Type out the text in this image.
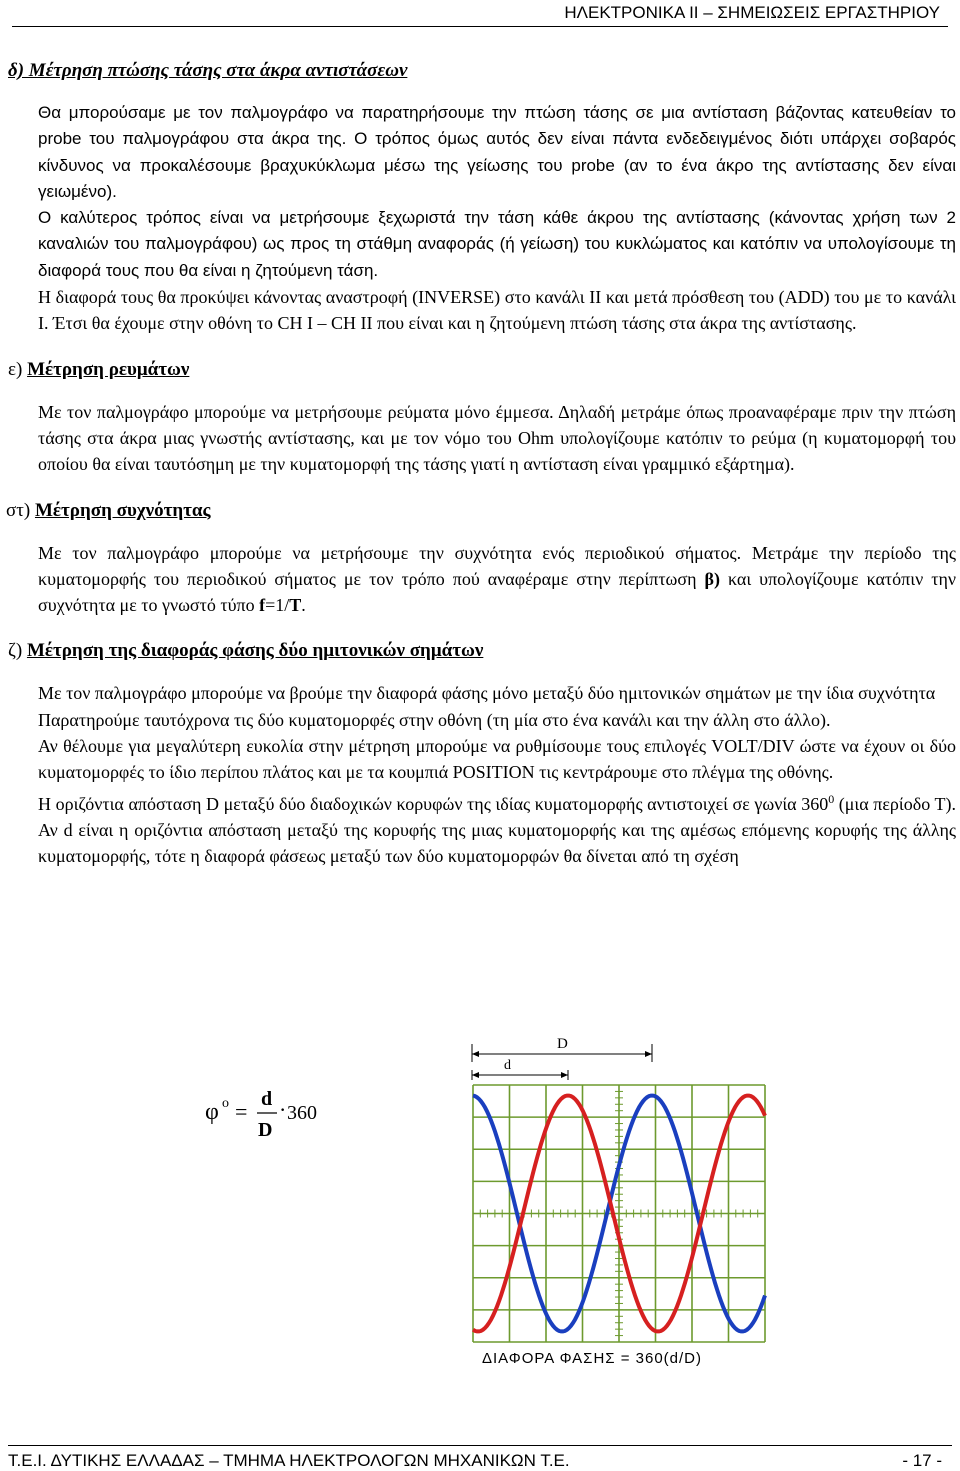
ΗΛΕΚΤΡΟΝΙΚΑ ΙΙ – ΣΗΜΕΙΩΣΕΙΣ ΕΡΓΑΣΤΗΡΙΟΥ
δ) Μέτρηση πτώσης τάσης στα άκρα αντιστάσεων

Θα μπορούσαμε με τον παλμογράφο να παρατηρήσουμε την πτώση τάσης σε μια αντίσταση βάζοντας κατευθείαν το probe του παλμογράφου στα άκρα της. Ο τρόπος όμως αυτός δεν είναι πάντα ενδεδειγμένος διότι υπάρχει σοβαρός κίνδυνος να προκαλέσουμε βραχυκύκλωμα μέσω της γείωσης του probe (αν το ένα άκρο της αντίστασης δεν είναι γειωμένο).

Ο καλύτερος τρόπος είναι να μετρήσουμε ξεχωριστά την τάση κάθε άκρου της αντίστασης (κάνοντας χρήση των 2 καναλιών του παλμογράφου) ως προς τη στάθμη αναφοράς (ή γείωση) του κυκλώματος και κατόπιν να υπολογίσουμε τη διαφορά τους που θα είναι η ζητούμενη τάση.

Η διαφορά τους θα προκύψει κάνοντας αναστροφή (INVERSE) στο κανάλι ΙΙ και μετά πρόσθεση του (ADD) του με το κανάλι Ι. Έτσι θα έχουμε στην οθόνη το CH I – CH II που είναι και η ζητούμενη πτώση τάσης στα άκρα της αντίστασης.

ε) Μέτρηση ρευμάτων

Με τον παλμογράφο μπορούμε να μετρήσουμε ρεύματα μόνο έμμεσα. Δηλαδή μετράμε όπως προαναφέραμε πριν την πτώση τάσης στα άκρα μιας γνωστής αντίστασης, και με τον νόμο του Ohm υπολογίζουμε κατόπιν το ρεύμα (η κυματομορφή του οποίου θα είναι ταυτόσημη με την κυματομορφή της τάσης γιατί η αντίσταση είναι γραμμικό εξάρτημα).

στ) Μέτρηση συχνότητας

Με τον παλμογράφο μπορούμε να μετρήσουμε την συχνότητα ενός περιοδικού σήματος. Μετράμε την περίοδο της κυματομορφής του περιοδικού σήματος με τον τρόπο πού αναφέραμε στην περίπτωση β) και υπολογίζουμε κατόπιν την συχνότητα με το γνωστό τύπο f=1/T.

ζ) Μέτρηση της διαφοράς φάσης δύο ημιτονικών σημάτων

Με τον παλμογράφο μπορούμε να βρούμε την διαφορά φάσης μόνο μεταξύ δύο ημιτονικών σημάτων με την ίδια συχνότητα

Παρατηρούμε ταυτόχρονα τις δύο κυματομορφές στην οθόνη (τη μία στο ένα κανάλι και την άλλη στο άλλο).

Αν θέλουμε για μεγαλύτερη ευκολία στην μέτρηση μπορούμε να ρυθμίσουμε τους επιλογές VOLT/DIV ώστε να έχουν οι δύο κυματομορφές το ίδιο περίπου πλάτος και με τα κουμπιά POSITION τις κεντράρουμε στο πλέγμα της οθόνης.

Η οριζόντια απόσταση D μεταξύ δύο διαδοχικών κορυφών της ιδίας κυματομορφής αντιστοιχεί σε γωνία $360^0$ (μια περίοδο Τ). Αν d είναι η οριζόντια απόσταση μεταξύ της κορυφής της μιας κυματομορφής και της αμέσως επόμενης κορυφής της άλλης κυματομορφής, τότε η διαφορά φάσεως μεταξύ των δύο κυματομορφών θα δίνεται από τη σχέση

φ ο = d
D
· 360
D
d
ΔΙΑΦΟΡΑ ΦΑΣΗΣ = 360(d/D)
Τ.Ε.Ι. ΔΥΤΙΚΗΣ ΕΛΛΑΔΑΣ – ΤΜΗΜΑ ΗΛΕΚΤΡΟΛΟΓΩΝ ΜΗΧΑΝΙΚΩΝ Τ.Ε.	- 17 -
